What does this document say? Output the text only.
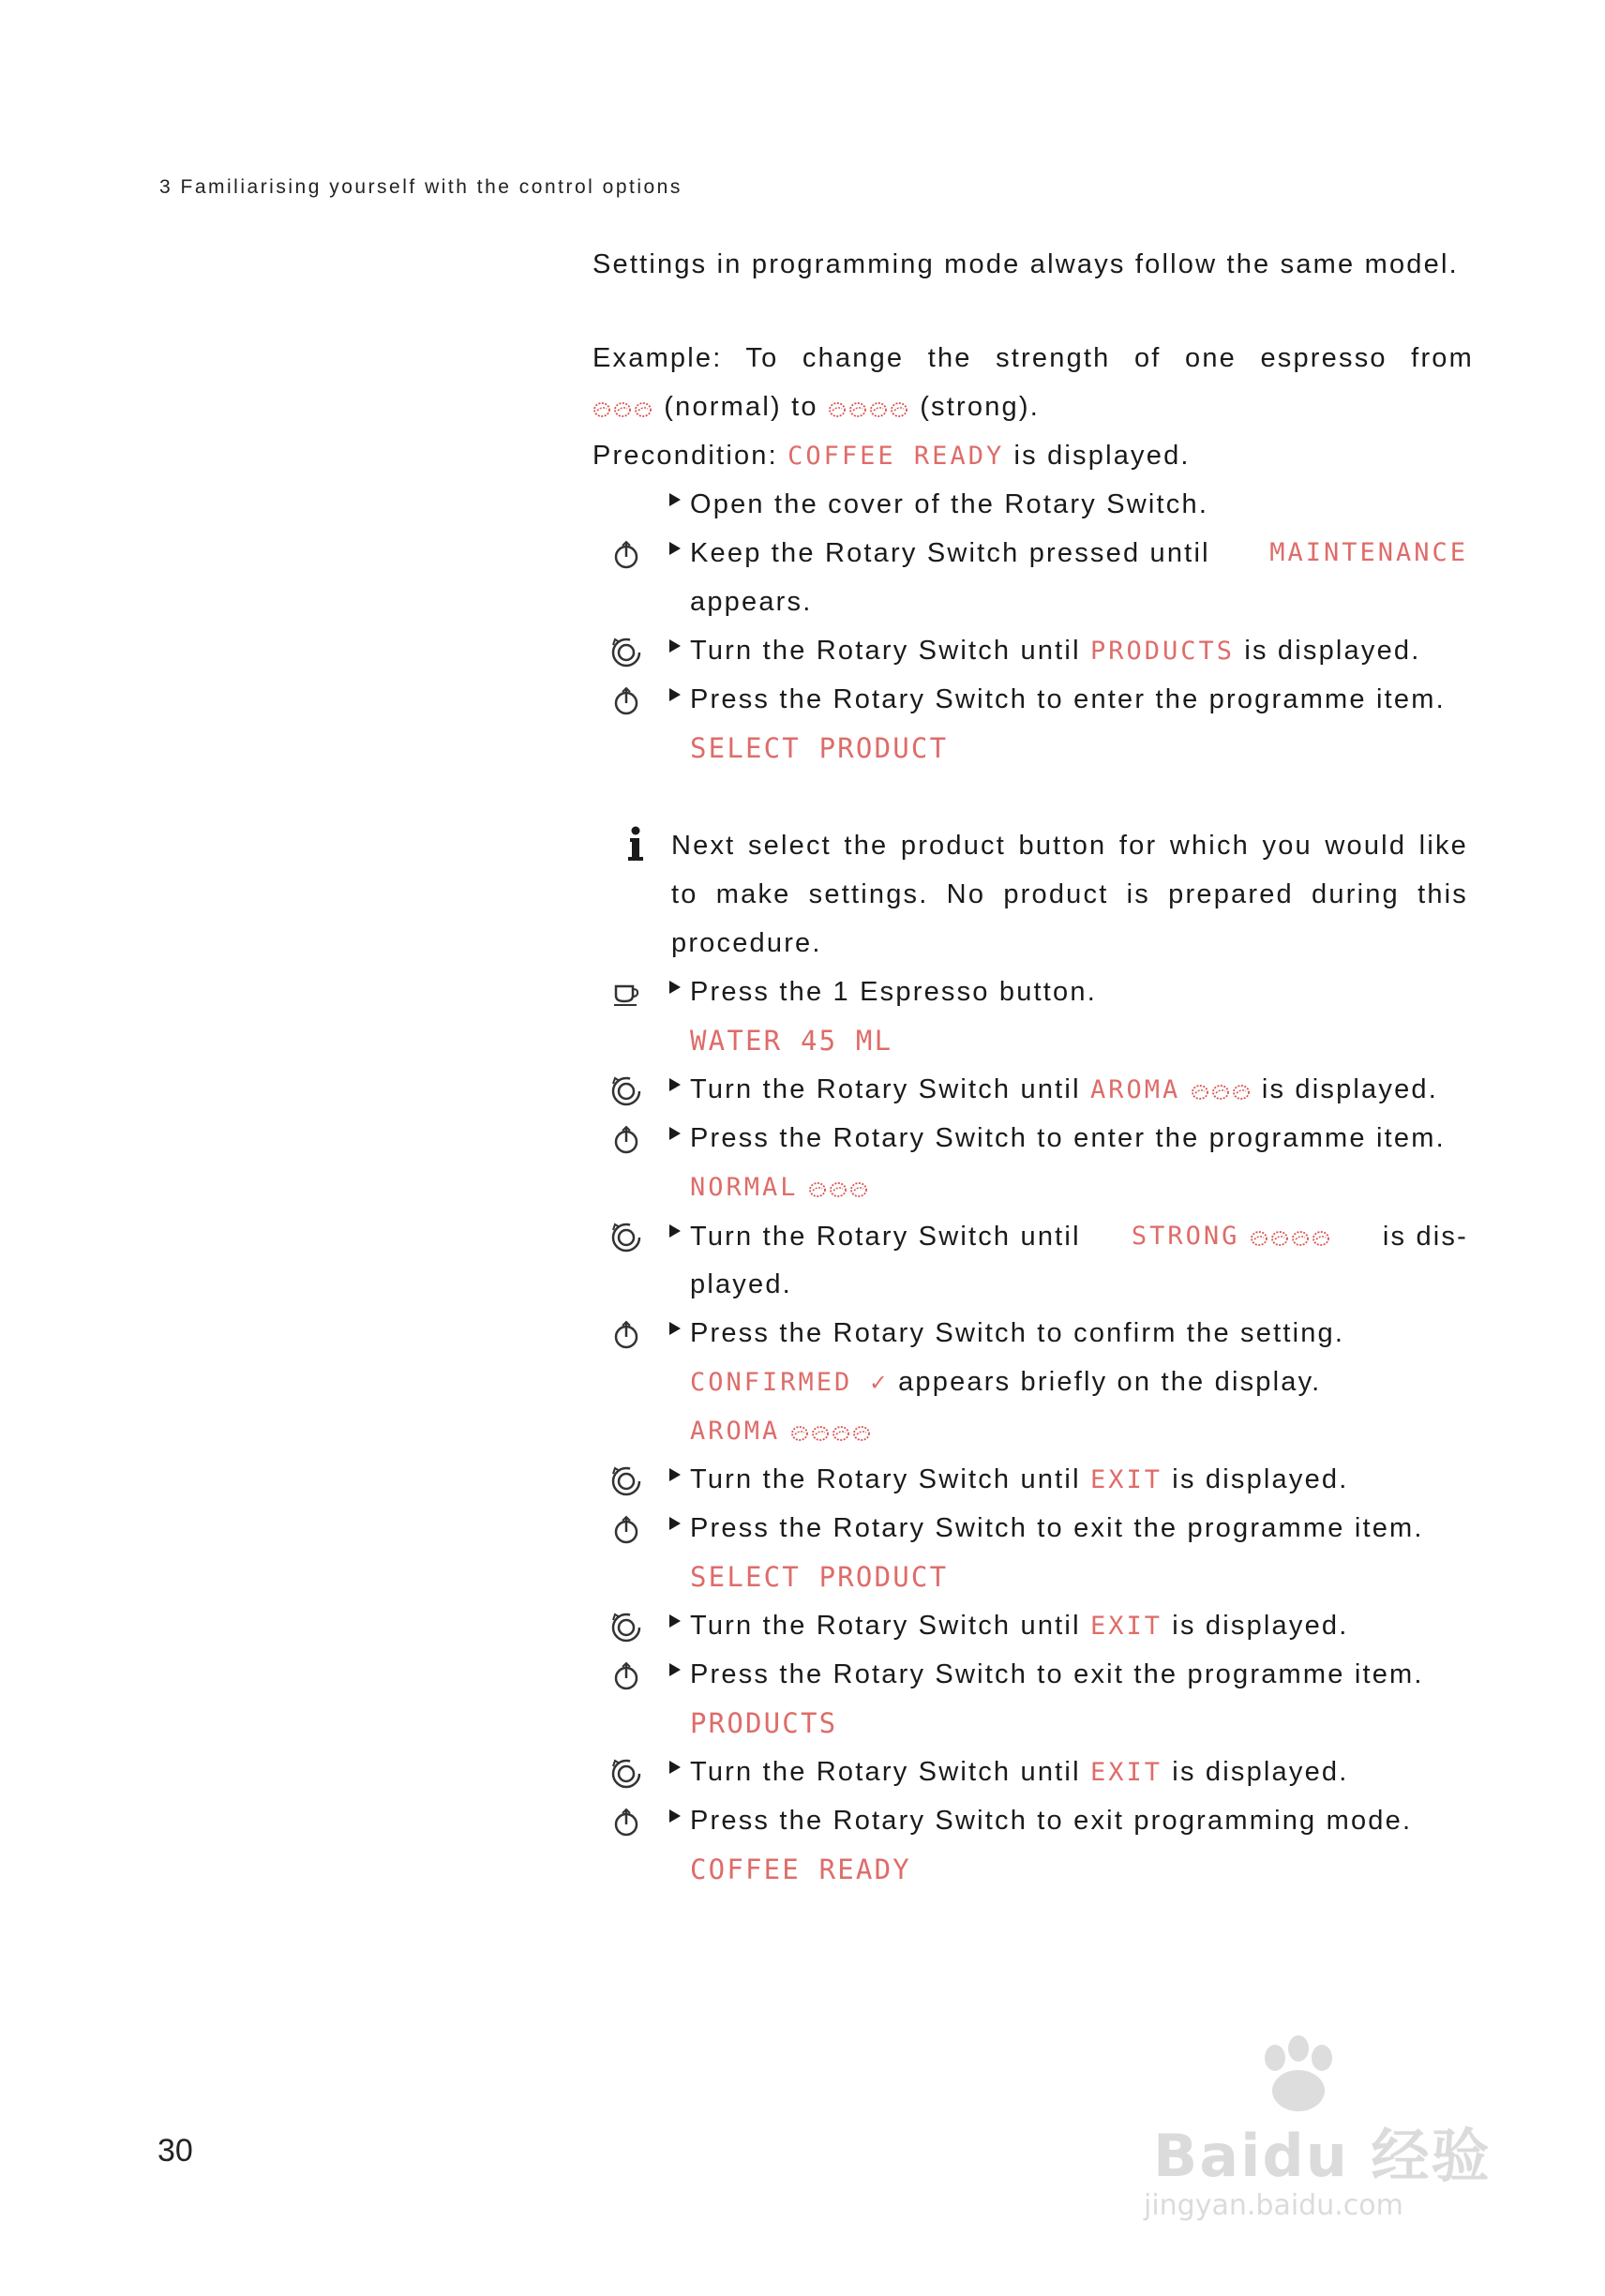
3 Familiarising yourself with the control options
Settings in programming mode always follow the same model.
Example: To change the strength of one espresso from
(normal) to	(strong).
Precondition: COFFEE READY is displayed.
Open the cover of the Rotary Switch.
Keep the Rotary Switch pressed until MAINTENANCE
appears.
Turn the Rotary Switch until PRODUCTS is displayed.
Press the Rotary Switch to enter the programme item.
SELECT PRODUCT
Next select the product button for which you would like to make settings. No product is prepared during this procedure.
Press the 1 Espresso button.
WATER 45 ML
Turn the Rotary Switch until AROMA	is displayed.
Press the Rotary Switch to enter the programme item.
NORMAL
Turn the Rotary Switch until STRONG	is dis-
played.
Press the Rotary Switch to confirm the setting.
CONFIRMED ✓ appears briefly on the display.
AROMA
Turn the Rotary Switch until EXIT is displayed.
Press the Rotary Switch to exit the programme item.
SELECT PRODUCT
Turn the Rotary Switch until EXIT is displayed.
Press the Rotary Switch to exit the programme item.
PRODUCTS
Turn the Rotary Switch until EXIT is displayed.
Press the Rotary Switch to exit programming mode.
COFFEE READY
30	Baidu 经验
jingyan.baidu.com
